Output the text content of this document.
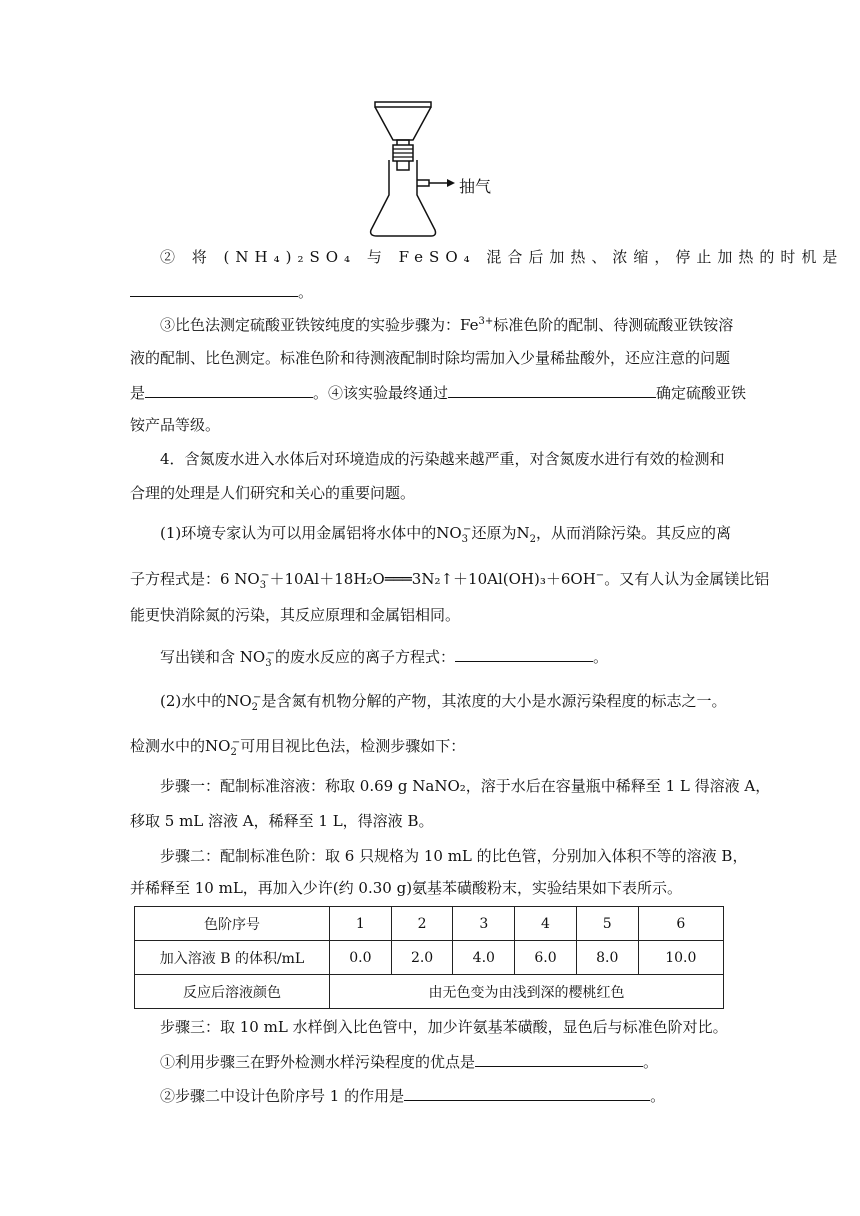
抽气
② 将 (NH₄)₂SO₄ 与 FeSO₄ 混合后加热、浓缩，停止加热的时机是
。
③比色法测定硫酸亚铁铵纯度的实验步骤为：$Fe^{3+}$标准色阶的配制、待测硫酸亚铁铵溶
液的配制、比色测定。标准色阶和待测液配制时除均需加入少量稀盐酸外，还应注意的问题
是	。④该实验最终通过	确定硫酸亚铁
铵产品等级。
4．含氮废水进入水体后对环境造成的污染越来越严重，对含氮废水进行有效的检测和
合理的处理是人们研究和关心的重要问题。
(1)环境专家认为可以用金属铝将水体中的$NO_3^-$还原为$N_2$，从而消除污染。其反应的离
子方程式是：6 $NO_3^-+10Al+18H_2O═══3N_2↑+10Al(OH)_3+6OH^-$。又有人认为金属镁比铝
能更快消除氮的污染，其反应原理和金属铝相同。
写出镁和含 $NO_3^-$的废水反应的离子方程式：	。
(2)水中的$NO_2^-$是含氮有机物分解的产物，其浓度的大小是水源污染程度的标志之一。
检测水中的$NO_2^-$可用目视比色法，检测步骤如下：
步骤一：配制标准溶液：称取 0.69 g NaNO₂，溶于水后在容量瓶中稀释至 1 L 得溶液 A，
移取 5 mL 溶液 A，稀释至 1 L，得溶液 B。
步骤二：配制标准色阶：取 6 只规格为 10 mL 的比色管，分别加入体积不等的溶液 B，
并稀释至 10 mL，再加入少许(约 0.30 g)氨基苯磺酸粉末，实验结果如下表所示。
色阶序号	1	2	3	4	5	6
加入溶液 B 的体积/mL	0.0	2.0	4.0	6.0	8.0	10.0
反应后溶液颜色	由无色变为由浅到深的樱桃红色					
步骤三：取 10 mL 水样倒入比色管中，加少许氨基苯磺酸，显色后与标准色阶对比。
①利用步骤三在野外检测水样污染程度的优点是	。
②步骤二中设计色阶序号 1 的作用是	。
